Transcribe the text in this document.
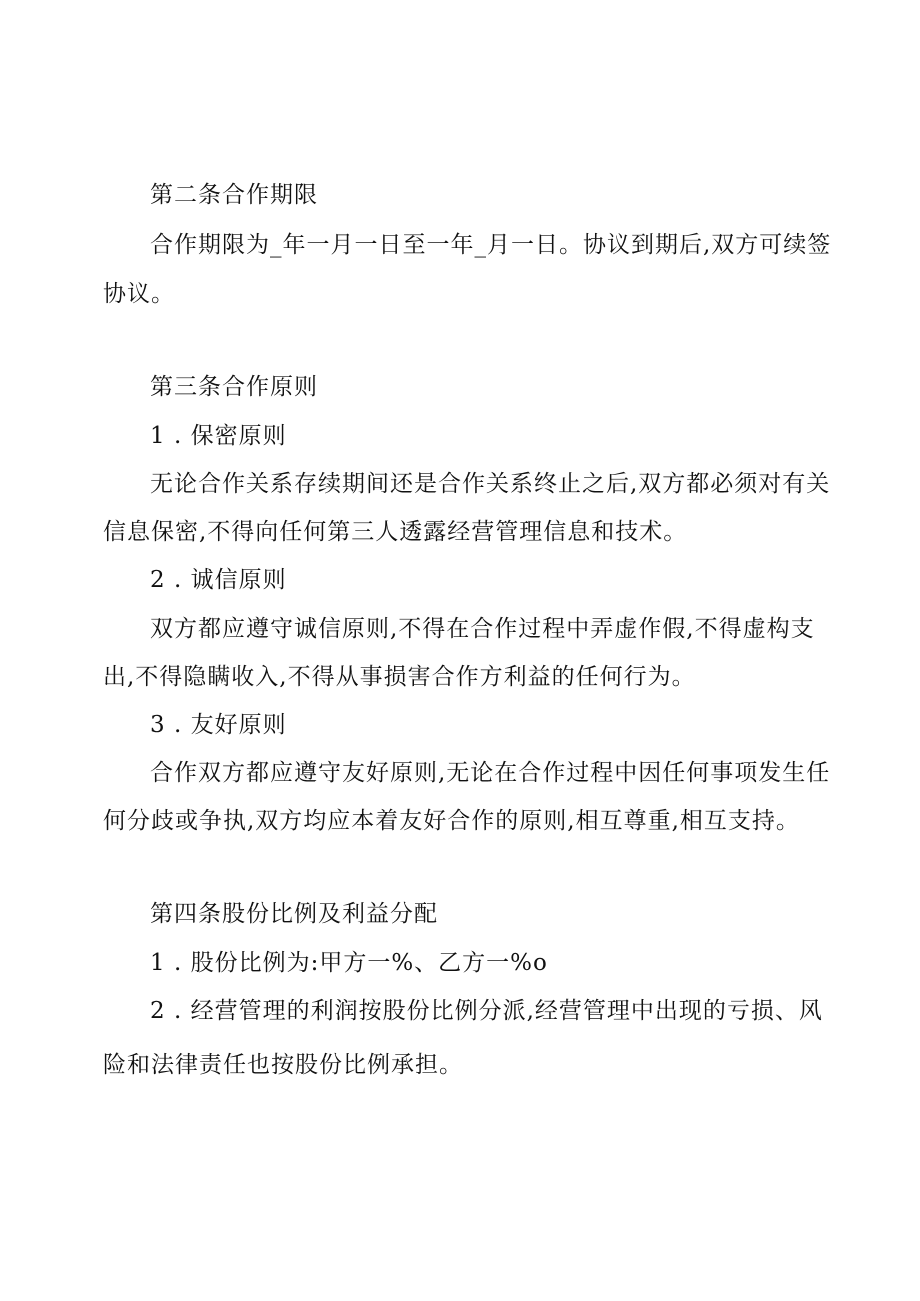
第二条合作期限
合作期限为_年一月一日至一年_月一日。协议到期后,双方可续签
协议。
第三条合作原则
1 . 保密原则
无论合作关系存续期间还是合作关系终止之后,双方都必须对有关
信息保密,不得向任何第三人透露经营管理信息和技术。
2 . 诚信原则
双方都应遵守诚信原则,不得在合作过程中弄虚作假,不得虚构支
出,不得隐瞒收入,不得从事损害合作方利益的任何行为。
3 . 友好原则
合作双方都应遵守友好原则,无论在合作过程中因任何事项发生任
何分歧或争执,双方均应本着友好合作的原则,相互尊重,相互支持。
第四条股份比例及利益分配
1 . 股份比例为:甲方一%、乙方一%o
2 . 经营管理的利润按股份比例分派,经营管理中出现的亏损、风
险和法律责任也按股份比例承担。
